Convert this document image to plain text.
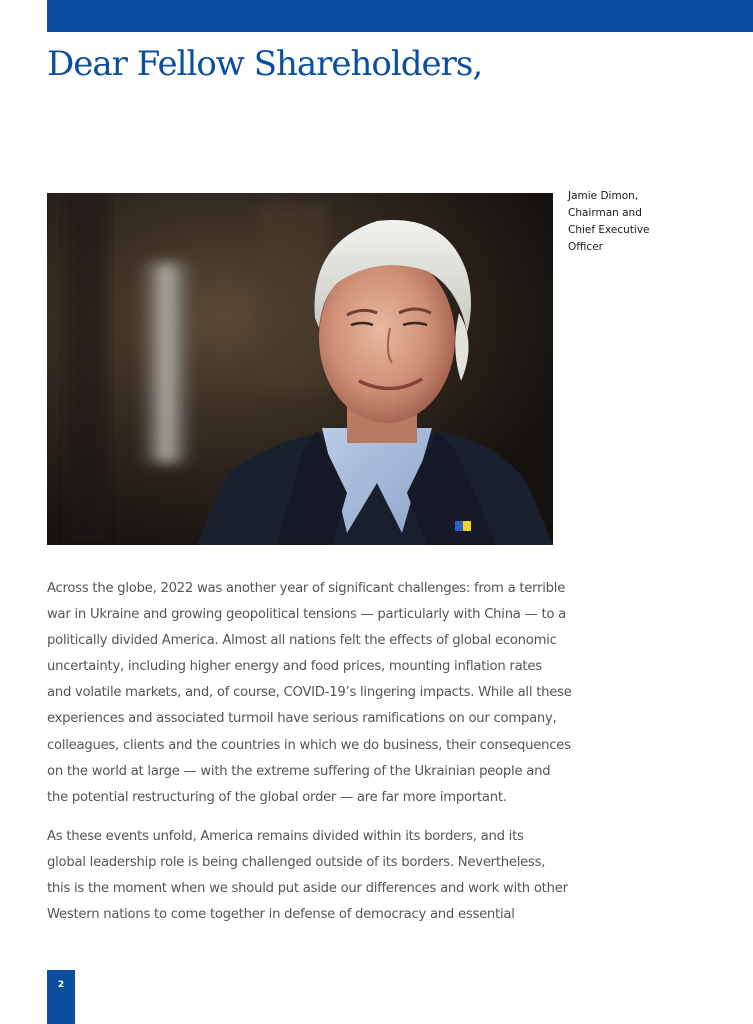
Dear Fellow Shareholders,
Jamie Dimon,
Chairman and
Chief Executive
Officer

Across the globe, 2022 was another year of significant challenges: from a terrible
war in Ukraine and growing geopolitical tensions — particularly with China — to a
politically divided America. Almost all nations felt the effects of global economic
uncertainty, including higher energy and food prices, mounting inflation rates
and volatile markets, and, of course, COVID-19’s lingering impacts. While all these
experiences and associated turmoil have serious ramifications on our company,
colleagues, clients and the countries in which we do business, their consequences
on the world at large — with the extreme suffering of the Ukrainian people and
the potential restructuring of the global order — are far more important.

As these events unfold, America remains divided within its borders, and its
global leadership role is being challenged outside of its borders. Nevertheless,
this is the moment when we should put aside our differences and work with other
Western nations to come together in defense of democracy and essential

2
